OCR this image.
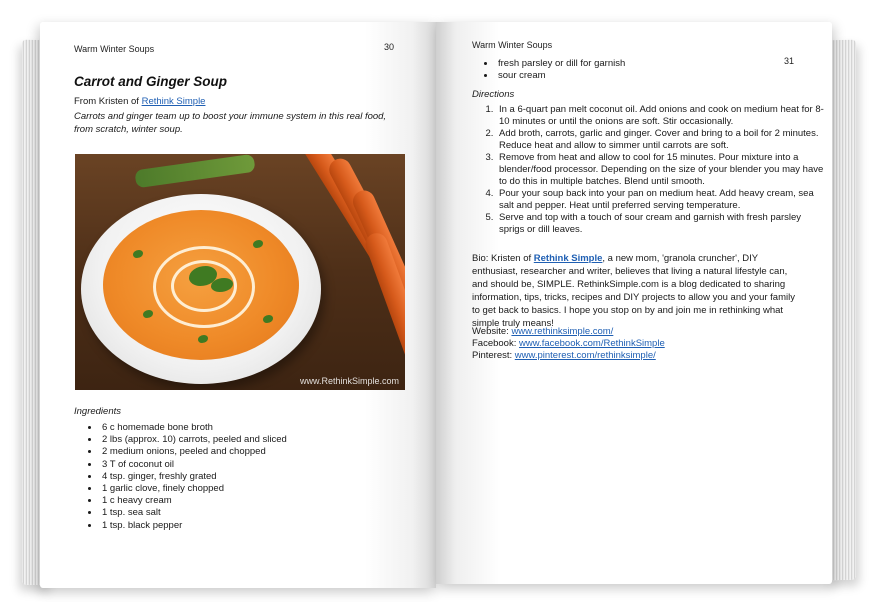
Warm Winter Soups	30
Carrot and Ginger Soup
From Kristen of Rethink Simple
Carrots and ginger team up to boost your immune system in this real food, from scratch, winter soup.
www.RethinkSimple.com
Ingredients
• 6 c homemade bone broth
• 2 lbs (approx. 10) carrots, peeled and sliced
• 2 medium onions, peeled and chopped
• 3 T of coconut oil
• 4 tsp. ginger, freshly grated
• 1 garlic clove, finely chopped
• 1 c heavy cream
• 1 tsp. sea salt
• 1 tsp. black pepper
Warm Winter Soups
31
• fresh parsley or dill for garnish
• sour cream
Directions
1. In a 6-quart pan melt coconut oil. Add onions and cook on medium heat for 8-10 minutes or until the onions are soft. Stir occasionally.
2. Add broth, carrots, garlic and ginger. Cover and bring to a boil for 2 minutes. Reduce heat and allow to simmer until carrots are soft.
3. Remove from heat and allow to cool for 15 minutes. Pour mixture into a blender/food processor. Depending on the size of your blender you may have to do this in multiple batches. Blend until smooth.
4. Pour your soup back into your pan on medium heat. Add heavy cream, sea salt and pepper. Heat until preferred serving temperature.
5. Serve and top with a touch of sour cream and garnish with fresh parsley sprigs or dill leaves.
Bio: Kristen of Rethink Simple, a new mom, 'granola cruncher', DIY enthusiast, researcher and writer, believes that living a natural lifestyle can, and should be, SIMPLE. RethinkSimple.com is a blog dedicated to sharing information, tips, tricks, recipes and DIY projects to allow you and your family to get back to basics. I hope you stop on by and join me in rethinking what simple truly means!
Website: www.rethinksimple.com/
Facebook: www.facebook.com/RethinkSimple
Pinterest: www.pinterest.com/rethinksimple/
